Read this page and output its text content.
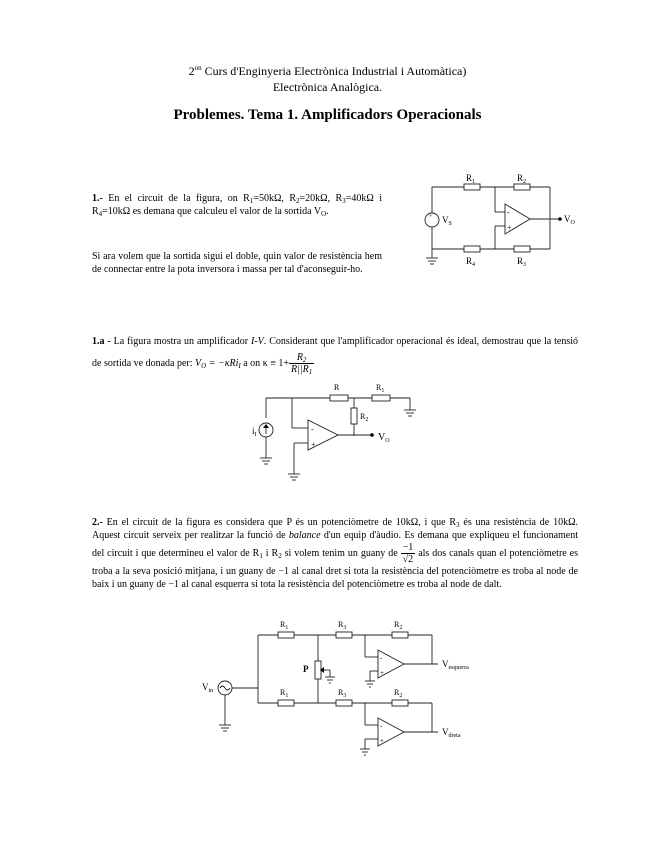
$2^{on}$ Curs d'Enginyeria Electrònica Industrial i Automàtica)
Electrònica Analògica.
Problemes. Tema 1. Amplificadors Operacionals
1.- En el circuit de la figura, on $R_1=50k\Omega$, $R_2=20k\Omega$, $R_3=40k\Omega$ i $R_4=10k\Omega$ es demana que calculeu el valor de la sortida $V_O$.
Si ara volem que la sortida sigui el doble, quin valor de resistència hem de connectar entre la pota inversora i massa per tal d'aconseguir-ho.
+
$R_1$	$R_2$
$R_4$	$R_3$
$V_S$	$V_O$
-
+
1.a - La figura mostra un amplificador I-V. Considerant que l'amplificador operacional és ideal, demostrau que la tensió de sortida ve donada per: $V_O = -\kappa Ri_I$ a on $\kappa \equiv 1+ \frac{R_2}{R||R_1}$
R	$R_1$
$R_2$
$i_I$	$V_O$
-
+
2.- En el circuit de la figura es considera que P és un potenciòmetre de 10kΩ, i que $R_3$ és una resistència de 10kΩ. Aquest circuit serveix per realitzar la funció de balance d'un equip d'àudio. Es demana que expliqueu el funcionament del circuit i que determineu el valor de $R_1$ i $R_2$ si volem tenim un guany de $\frac{-1}{√2}$ als dos canals quan el potenciòmetre es troba a la seva posició mitjana, i un guany de −1 al canal dret si tota la resistència del potenciòmetre es troba al node de baix i un guany de −1 al canal esquerra si tota la resistència del potenciòmetre es troba al node de dalt.
$R_1$
$R_1$
$R_3$
$R_3$
$R_2$
$R_2$
P
$V_{in}$
$V_{esquerra}$
$V_{dreta}$
-
+
-
+
